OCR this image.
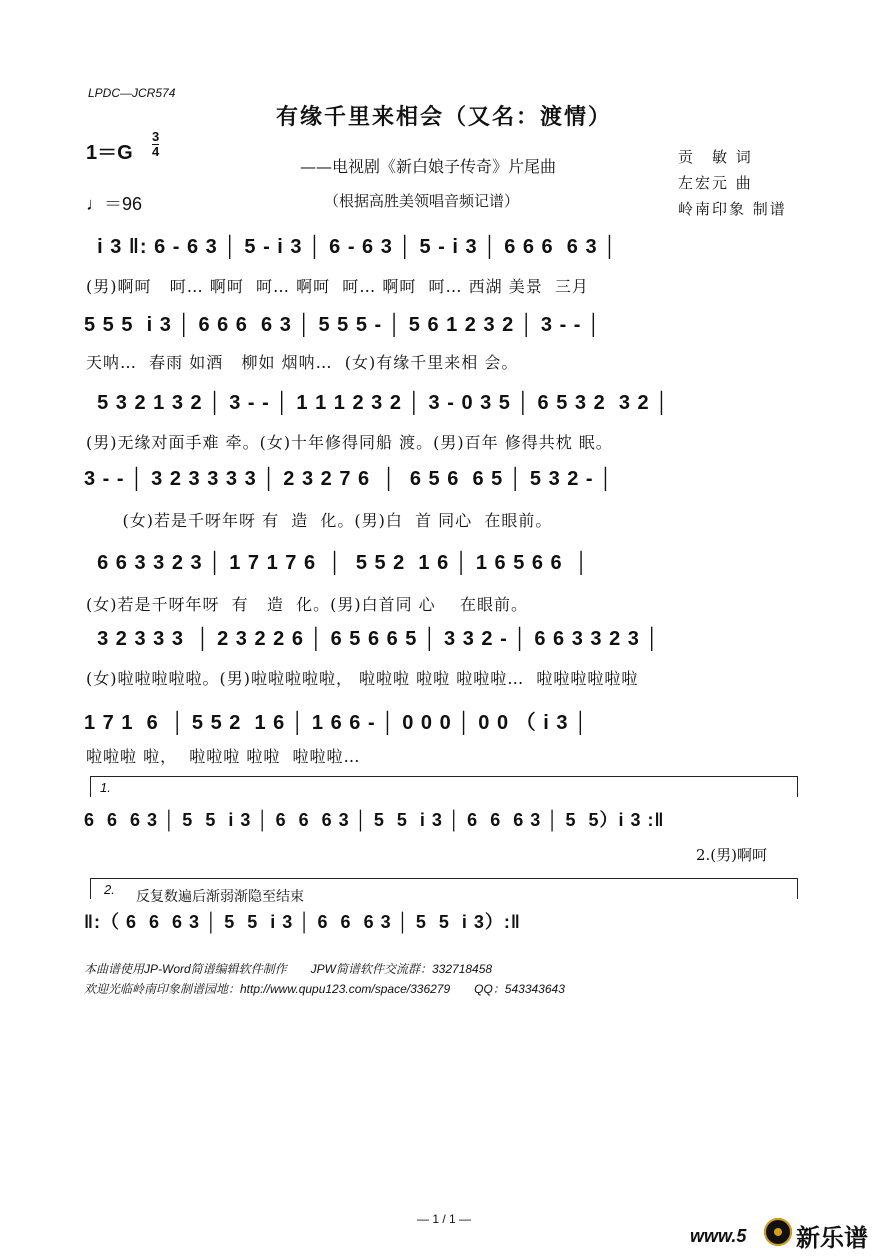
LPDC—JCR574
有缘千里来相会（又名：渡情）
$1=G \frac{3}{4}$
♩＝96
——电视剧《新白娘子传奇》片尾曲
（根据高胜美领唱音频记谱）
贡　敏 词
左宏元 曲
岭南印象 制谱
i 3 ‖: 6 - 6 3 │ 5 - i 3 │ 6 - 6 3 │ 5 - i 3 │ 6 6 6  6 3 │
(男)啊呵   呵… 啊呵  呵… 啊呵  呵… 啊呵  呵… 西湖 美景  三月
5 5 5  i 3 │ 6 6 6  6 3 │ 5 5 5 - │ 5 6 1 2 3 2 │ 3 - - │
天呐…  春雨 如酒   柳如 烟呐…  (女)有缘千里来相 会。
5 3 2 1 3 2 │ 3 - - │ 1 1 1 2 3 2 │ 3 - 0 3 5 │ 6 5 3 2  3 2 │
(男)无缘对面手难 牵。(女)十年修得同船 渡。(男)百年 修得共枕 眠。
3 - - │ 3 2 3 3 3 3 │ 2 3 2 7 6  │  6 5 6  6 5 │ 5 3 2 - │
(女)若是千呀年呀 有  造  化。(男)白  首 同心  在眼前。
6 6 3 3 2 3 │ 1 7 1 7 6  │  5 5 2  1 6 │ 1 6 5 6 6  │
(女)若是千呀年呀  有   造  化。(男)白首同 心    在眼前。
3 2 3 3 3  │ 2 3 2 2 6 │ 6 5 6 6 5 │ 3 3 2 - │ 6 6 3 3 2 3 │
(女)啦啦啦啦啦。(男)啦啦啦啦啦， 啦啦啦 啦啦 啦啦啦…  啦啦啦啦啦啦
1 7 1  6  │ 5 5 2  1 6 │ 1 6 6 - │ 0 0 0 │ 0 0 （ i 3 │
啦啦啦 啦，  啦啦啦 啦啦  啦啦啦…
1.
6  6  6 3 │ 5  5  i 3 │ 6  6  6 3 │ 5  5  i 3 │ 6  6  6 3 │ 5  5）i 3 :‖
2.(男)啊呵
2. 反复数遍后渐弱渐隐至结束
‖:（ 6  6  6 3 │ 5  5  i 3 │ 6  6  6 3 │ 5  5  i 3）:‖
本曲谱使用JP-Word简谱编辑软件制作　　JPW简谱软件交流群：332718458
欢迎光临岭南印象制谱园地：http://www.qupu123.com/space/336279　　QQ：543343643
— 1 / 1 —
www.5 新乐谱
